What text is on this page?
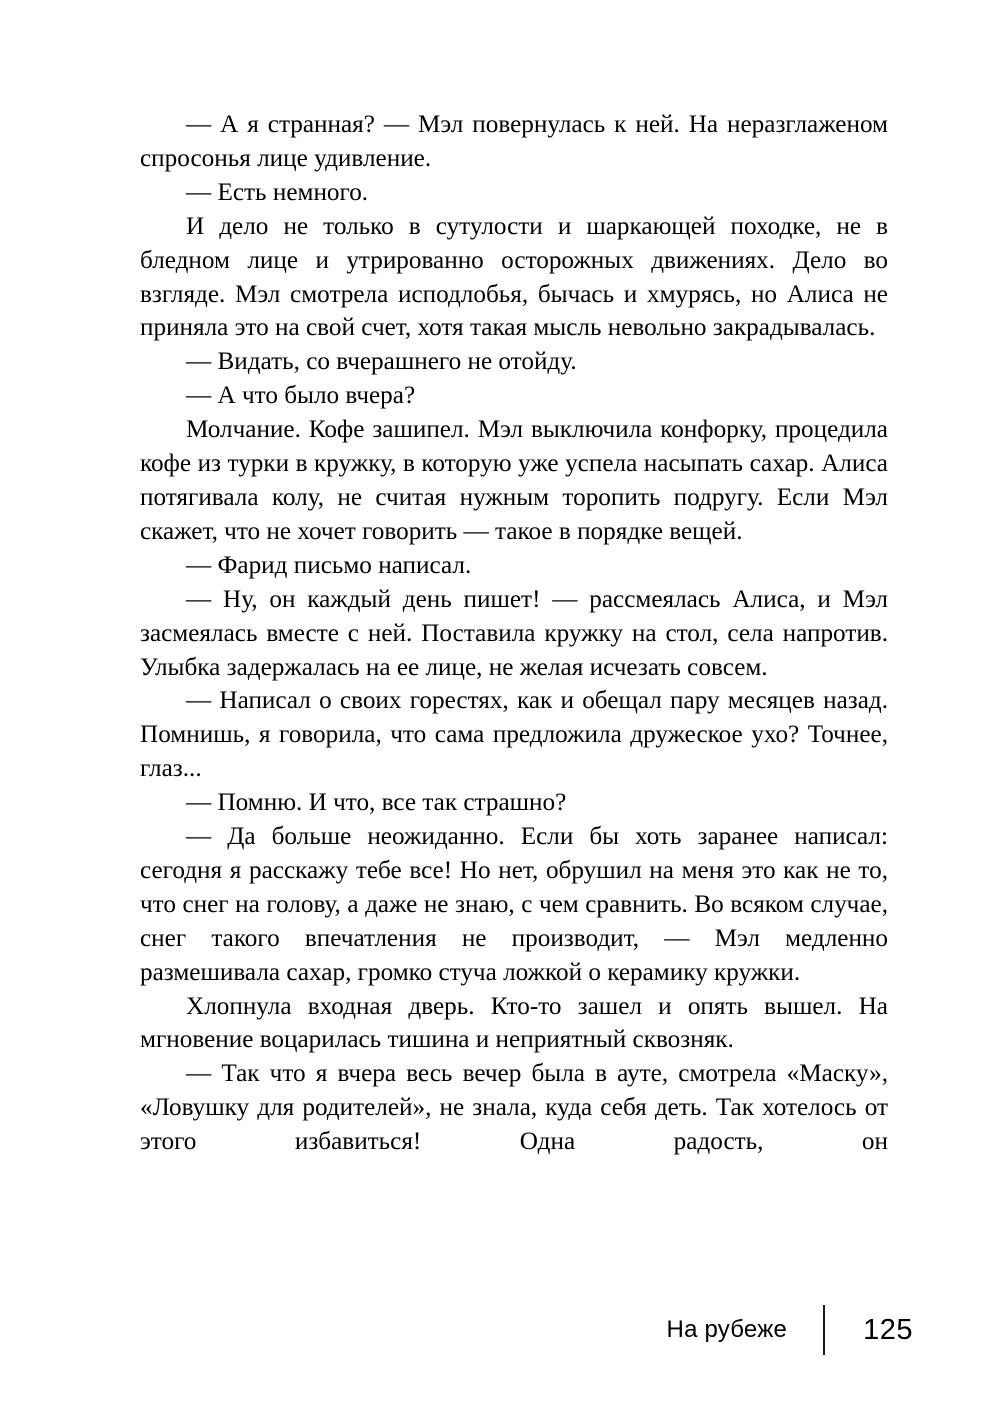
— А я странная? — Мэл повернулась к ней. На неразглаженом спросонья лице удивление.

— Есть немного.

И дело не только в сутулости и шаркающей походке, не в бледном лице и утрированно осторожных движениях. Дело во взгляде. Мэл смотрела исподлобья, бычась и хмурясь, но Алиса не приняла это на свой счет, хотя такая мысль невольно закрадывалась.

— Видать, со вчерашнего не отойду.

— А что было вчера?

Молчание. Кофе зашипел. Мэл выключила конфорку, процедила кофе из турки в кружку, в которую уже успела насыпать сахар. Алиса потягивала колу, не считая нужным торопить подругу. Если Мэл скажет, что не хочет говорить — такое в порядке вещей.

— Фарид письмо написал.

— Ну, он каждый день пишет! — рассмеялась Алиса, и Мэл засмеялась вместе с ней. Поставила кружку на стол, села напротив. Улыбка задержалась на ее лице, не желая исчезать совсем.

— Написал о своих горестях, как и обещал пару месяцев назад. Помнишь, я говорила, что сама предложила дружеское ухо? Точнее, глаз...

— Помню. И что, все так страшно?

— Да больше неожиданно. Если бы хоть заранее написал: сегодня я расскажу тебе все! Но нет, обрушил на меня это как не то, что снег на голову, а даже не знаю, с чем сравнить. Во всяком случае, снег такого впечатления не производит, — Мэл медленно размешивала сахар, громко стуча ложкой о керамику кружки.

Хлопнула входная дверь. Кто-то зашел и опять вышел. На мгновение воцарилась тишина и неприятный сквозняк.

— Так что я вчера весь вечер была в ауте, смотрела «Маску», «Ловушку для родителей», не знала, куда себя деть. Так хотелось от этого избавиться! Одна радость, он

На рубеже	125
